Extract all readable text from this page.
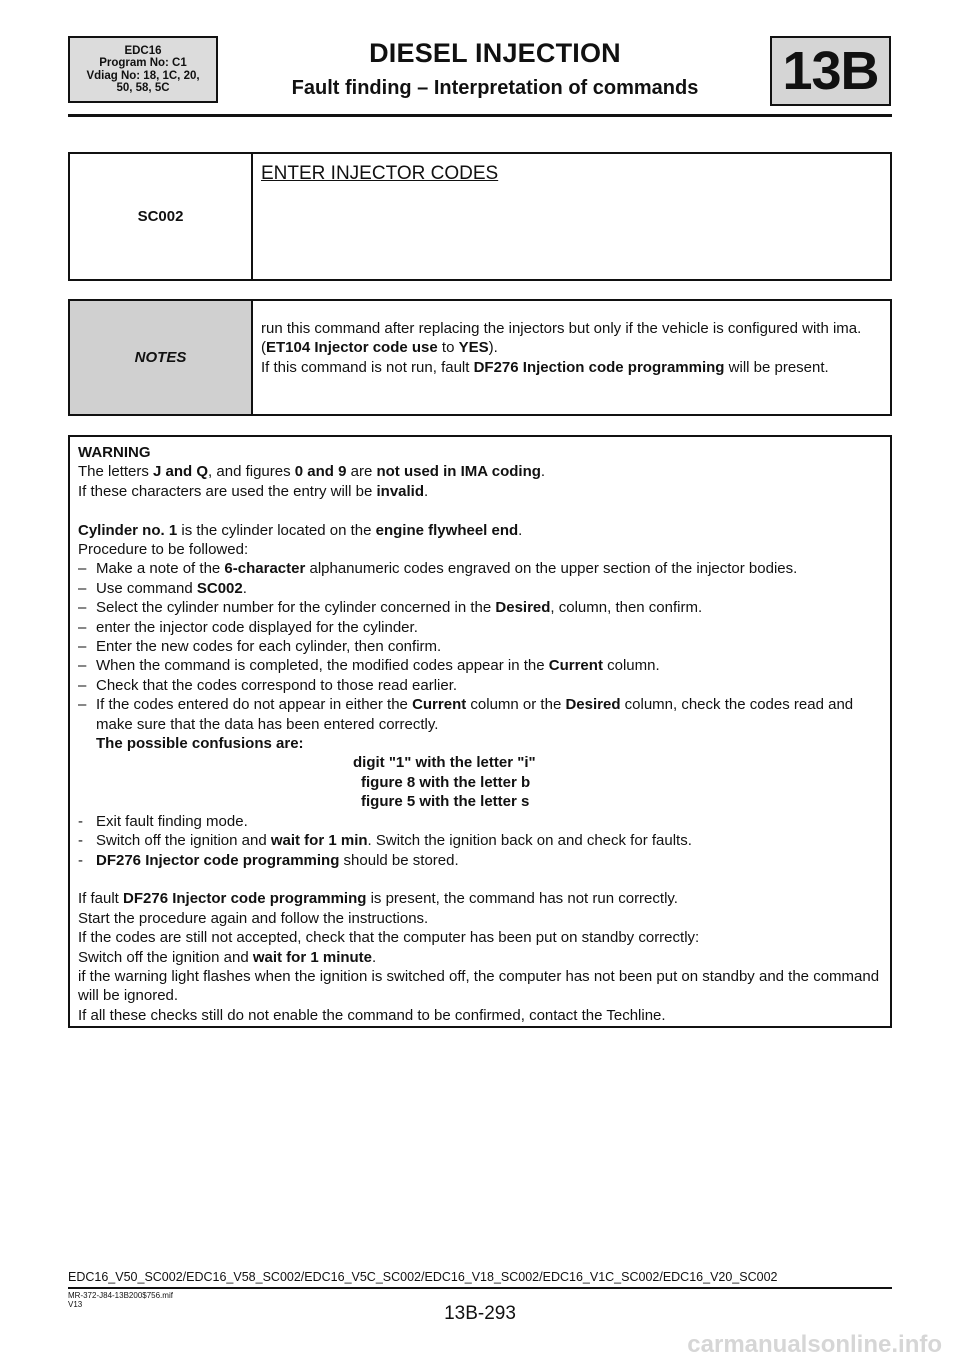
EDC16
Program No: C1
Vdiag No: 18, 1C, 20,
50, 58, 5C
DIESEL INJECTION
Fault finding – Interpretation of commands	13B
SC002
ENTER INJECTOR CODES
NOTES
run this command after replacing the injectors but only if the vehicle is configured with ima.
(ET104 Injector code use to YES).
If this command is not run, fault DF276 Injection code programming will be present.

WARNING

The letters J and Q, and figures 0 and 9 are not used in IMA coding.

If these characters are used the entry will be invalid.

Cylinder no. 1 is the cylinder located on the engine flywheel end.

Procedure to be followed:

– Make a note of the 6-character alphanumeric codes engraved on the upper section of the injector bodies.
– Use command SC002.
– Select the cylinder number for the cylinder concerned in the Desired, column, then confirm.
– enter the injector code displayed for the cylinder.
– Enter the new codes for each cylinder, then confirm.
– When the command is completed, the modified codes appear in the Current column.
– Check that the codes correspond to those read earlier.
– If the codes entered do not appear in either the Current column or the Desired column, check the codes read and make sure that the data has been entered correctly.
The possible confusions are:

digit "1" with the letter "i"

figure 8 with the letter b

figure 5 with the letter s

- Exit fault finding mode.
- Switch off the ignition and wait for 1 min. Switch the ignition back on and check for faults.
- DF276 Injector code programming should be stored.

If fault DF276 Injector code programming is present, the command has not run correctly.

Start the procedure again and follow the instructions.

If the codes are still not accepted, check that the computer has been put on standby correctly:

Switch off the ignition and wait for 1 minute.

if the warning light flashes when the ignition is switched off, the computer has not been put on standby and the command will be ignored.

If all these checks still do not enable the command to be confirmed, contact the Techline.

EDC16_V50_SC002/EDC16_V58_SC002/EDC16_V5C_SC002/EDC16_V18_SC002/EDC16_V1C_SC002/EDC16_V20_SC002
MR-372-J84-13B200$756.mif
V13	13B-293
carmanualsonline.info
